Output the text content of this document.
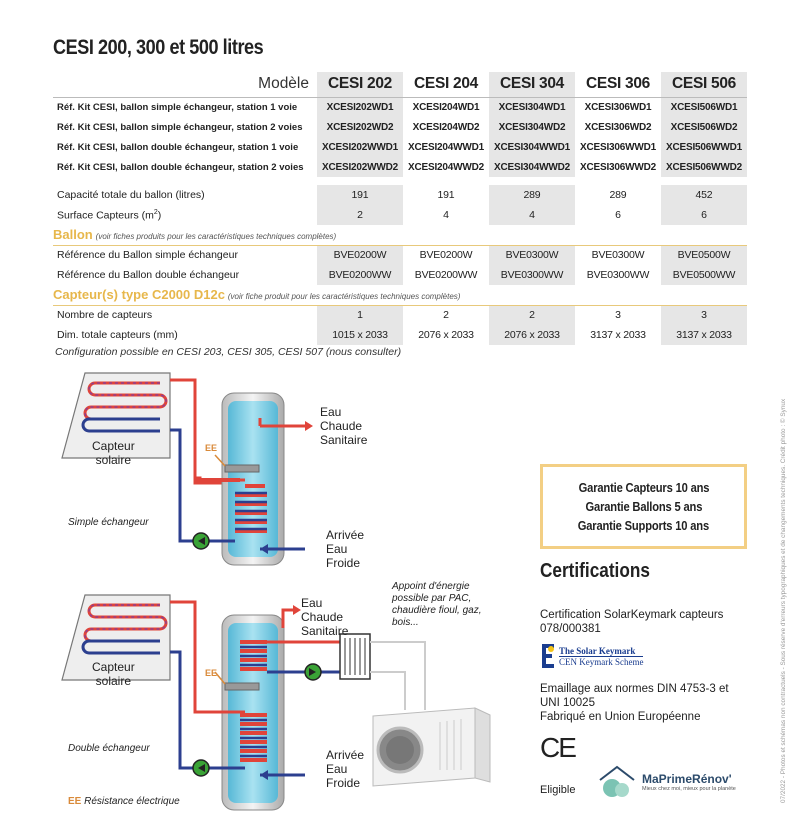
CESI 200, 300 et 500 litres
Modèle	CESI 202	CESI 204	CESI 304	CESI 306	CESI 506
Réf. Kit CESI, ballon simple échangeur, station 1 voie	XCESI202WD1	XCESI204WD1	XCESI304WD1	XCESI306WD1	XCESI506WD1
Réf. Kit CESI, ballon simple échangeur, station 2 voies	XCESI202WD2	XCESI204WD2	XCESI304WD2	XCESI306WD2	XCESI506WD2
Réf. Kit CESI, ballon double échangeur, station 1 voie	XCESI202WWD1	XCESI204WWD1	XCESI304WWD1	XCESI306WWD1	XCESI506WWD1
Réf. Kit CESI, ballon double échangeur, station 2 voies	XCESI202WWD2	XCESI204WWD2	XCESI304WWD2	XCESI306WWD2	XCESI506WWD2

Capacité totale du ballon (litres)	191	191	289	289	452
Surface Capteurs $(m^2)$	2	4	4	6	6
Ballon (voir fiches produits pour les caractéristiques techniques complètes)					
Référence du Ballon simple échangeur	BVE0200W	BVE0200W	BVE0300W	BVE0300W	BVE0500W
Référence du Ballon double échangeur	BVE0200WW	BVE0200WW	BVE0300WW	BVE0300WW	BVE0500WW
Capteur(s) type C2000 D12c (voir fiche produit pour les caractéristiques techniques complètes)					
Nombre de capteurs	1	2	2	3	3
Dim. totale capteurs (mm)	1015 x 2033	2076 x 2033	2076 x 2033	3137 x 2033	3137 x 2033
Configuration possible en CESI 203, CESI 305, CESI 507 (nous consulter)
Capteur
solaire
EE
Eau
Chaude
Sanitaire
Arrivée
Eau
Froide
Simple échangeur
Capteur
solaire
EE
Eau
Chaude
Sanitaire
Arrivée
Eau
Froide
Double échangeur
Appoint d'énergie
possible par PAC,
chaudière fioul, gaz,
bois...
EE Résistance électrique	07/2022 - Photos et schémas non contractuels - Sous réserve d'erreurs typographiques et de changements techniques. Crédit photo : © Synux
Garantie Capteurs 10 ans
Garantie Ballons 5 ans
Garantie Supports 10 ans
Certifications
Certification SolarKeymark capteurs
078/000381
The Solar Keymark
CEN Keymark Scheme
Emaillage aux normes DIN 4753-3 et
UNI 10025
Fabriqué en Union Européenne
CE
Eligible
MaPrimeRénov'
Mieux chez moi, mieux pour la planète
